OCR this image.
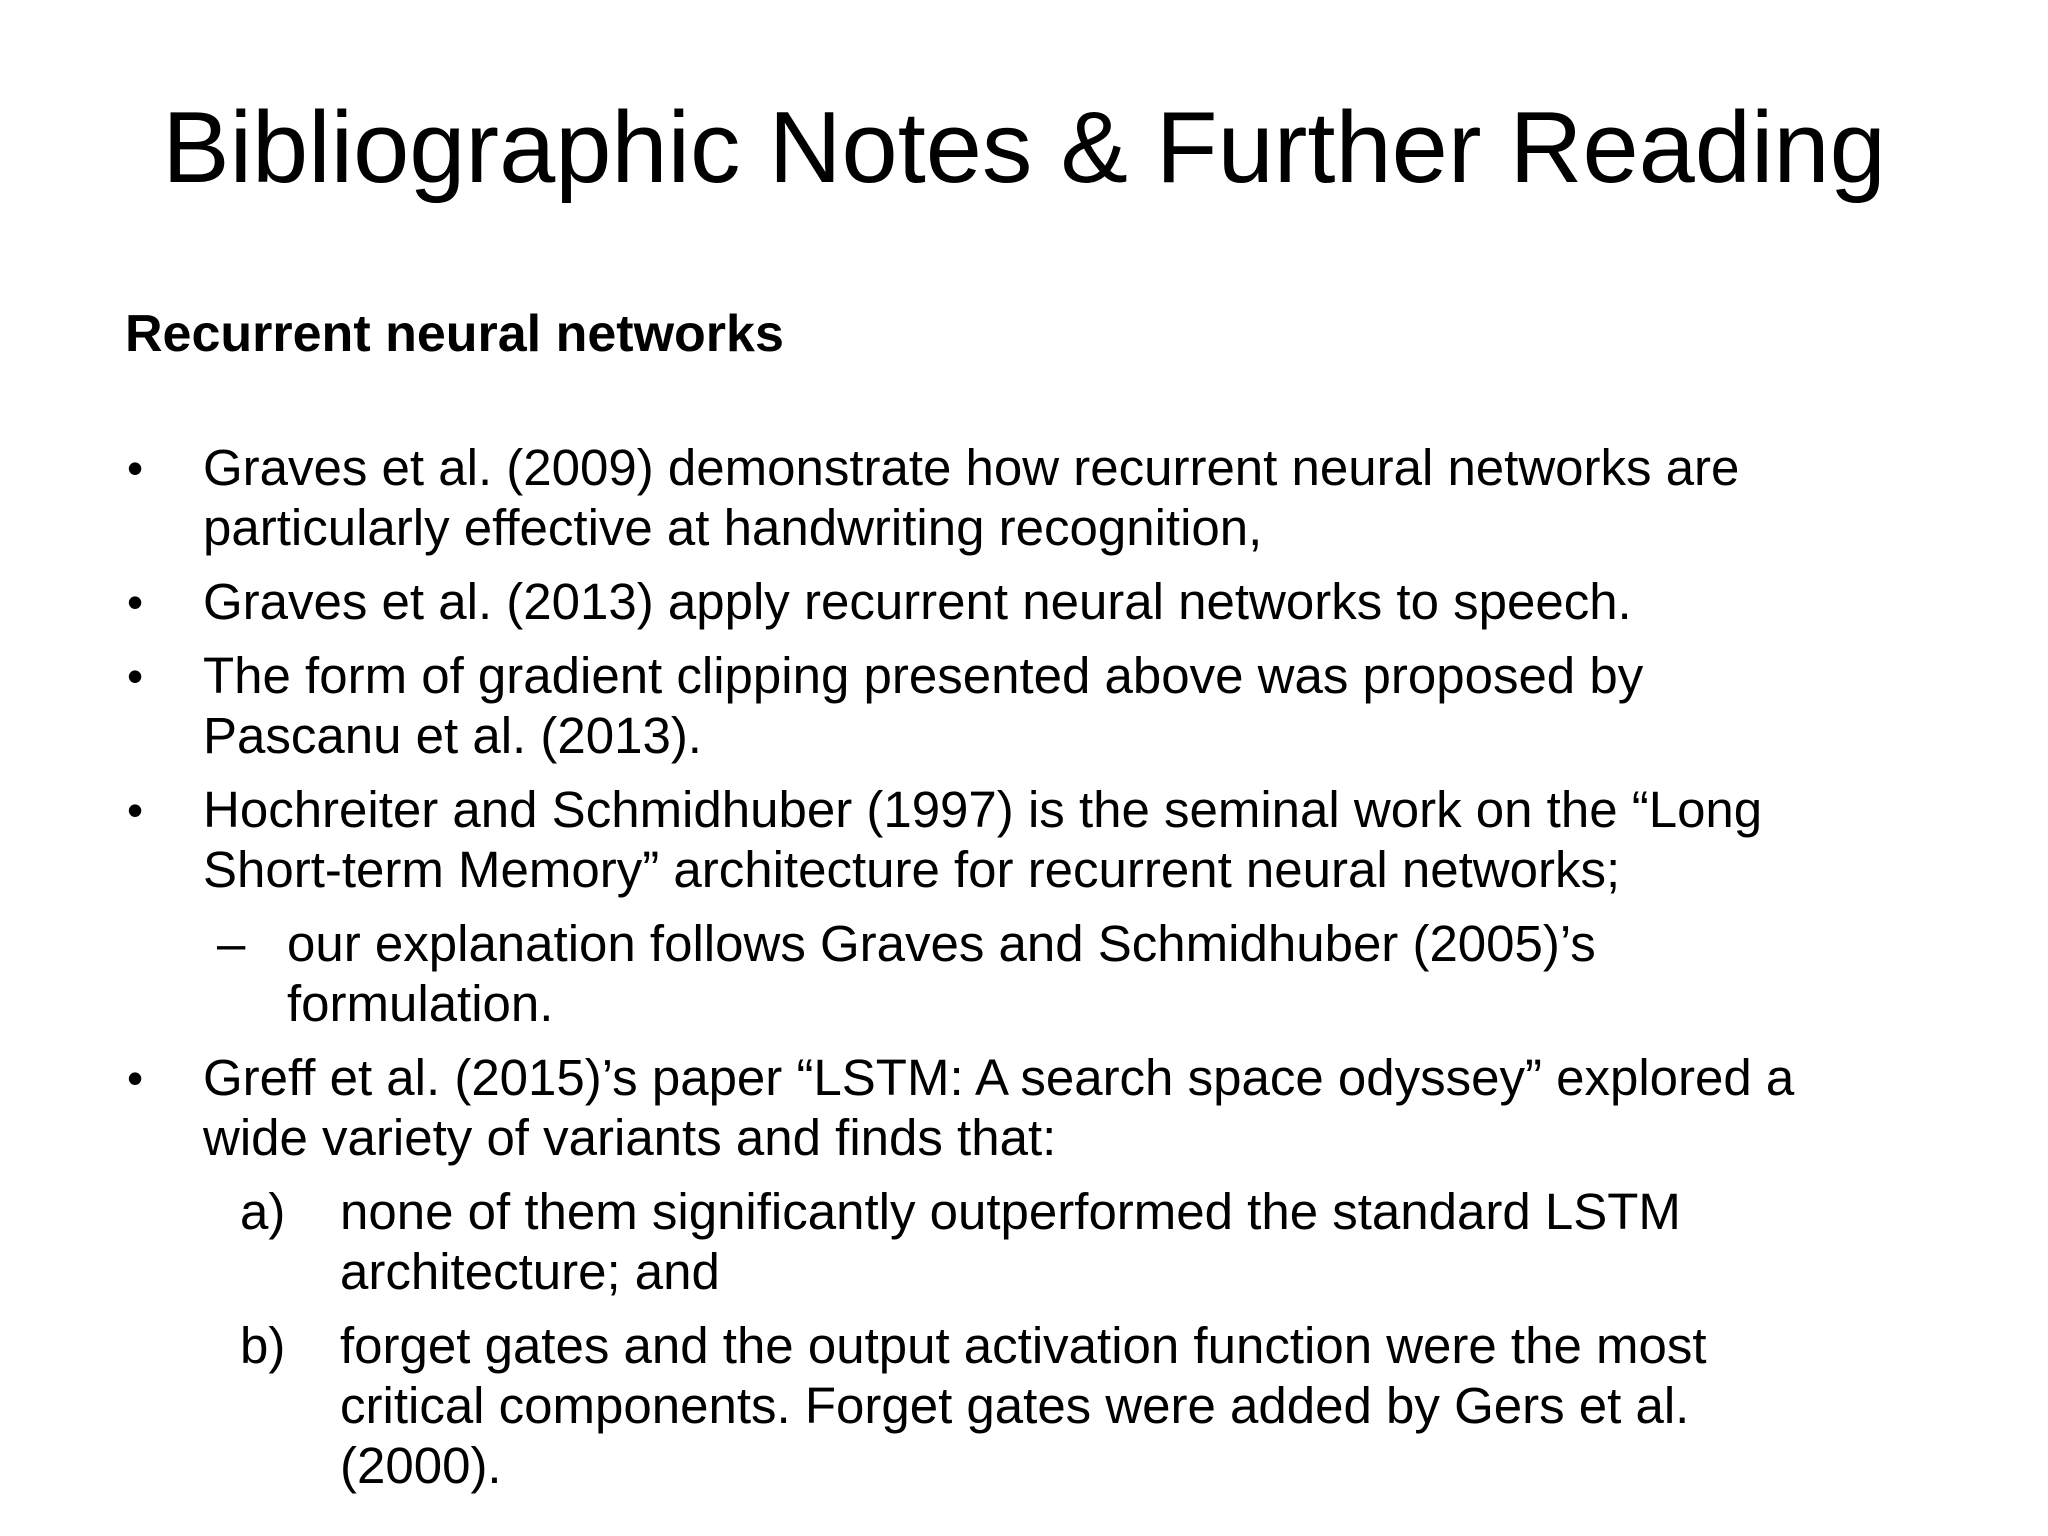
Bibliographic Notes & Further Reading
Recurrent neural networks
•	Graves et al. (2009) demonstrate how recurrent neural networks are
particularly effective at handwriting recognition,
•	Graves et al. (2013) apply recurrent neural networks to speech.
•	The form of gradient clipping presented above was proposed by
Pascanu et al. (2013).
•	Hochreiter and Schmidhuber (1997) is the seminal work on the “Long
Short-term Memory” architecture for recurrent neural networks;
– our explanation follows Graves and Schmidhuber (2005)’s
formulation.
•	Greff et al. (2015)’s paper “LSTM: A search space odyssey” explored a
wide variety of variants and finds that:
a)	none of them significantly outperformed the standard LSTM
architecture; and
b)	forget gates and the output activation function were the most
critical components. Forget gates were added by Gers et al.
(2000).
